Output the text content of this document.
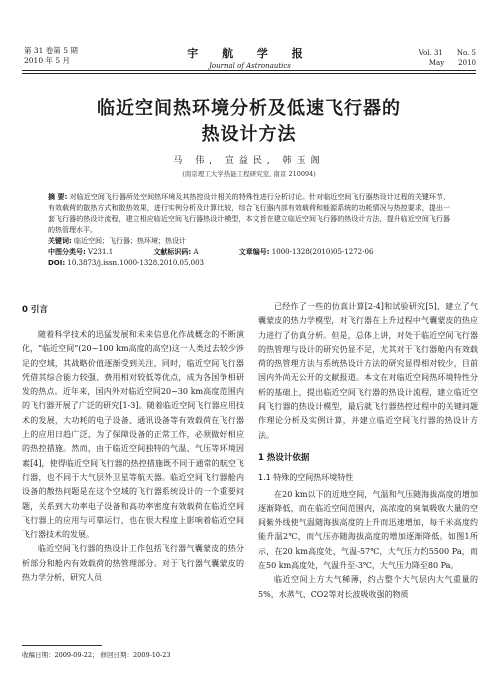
第 31 卷第 5 期
2010 年 5 月
宇 航 学 报
Journal of Astronautics
Vol. 31 No. 5
May 2010
临近空间热环境分析及低速飞行器的
热设计方法
马 伟, 宣益民, 韩玉阁
(南京理工大学热能工程研究室, 南京 210094)
摘 要: 对临近空间飞行器所处空间热环境及其热控设计相关的特殊性进行分析讨论。针对临近空间飞行器热设计过程的关键环节，有效载荷的散热方式和散热效果，进行实例分析及计算比较，综合飞行器内部有效载荷和能源系统的功耗情况与热控要求，提出一套飞行器的热设计流程，建立相应临近空间飞行器热设计模型，本文旨在建立临近空间飞行器的热设计方法，提升临近空间飞行器的热管理水平。
关键词: 临近空间；飞行器；热环境；热设计
中图分类号: V231.1	文献标识码: A	文章编号: 1000-1328(2010)05-1272-06
DOI: 10.3873/j.issn.1000-1328.2010.05.003
0 引言

随着科学技术的迅猛发展和未来信息化作战概念的不断演化，“临近空间”(20~100 km高度的高空)这一人类过去较少涉足的空域，其战略价值逐渐受到关注，同时，临近空间飞行器凭借其综合能力较强、费用相对较低等优点，成为各国争相研发的热点。近年来，国内外对临近空间20~30 km高度范围内的飞行器开展了广泛的研究[1-3]。随着临近空间飞行器应用技术的发展，大功耗的电子设备、通讯设备等有效载荷在飞行器上的应用日趋广泛，为了保障设备的正常工作，必须做好相应的热控措施。然而，由于临近空间独特的气温、气压等环境因素[4]，使得临近空间飞行器的热控措施既不同于通常的航空飞行器，也不同于大气层外卫星等航天器。临近空间飞行器舱内设备的散热问题是在这个空域的飞行器系统设计的一个重要问题，关系到大功率电子设备和高功率密度有效载荷在临近空间飞行器上的应用与可靠运行，也在很大程度上影响着临近空间飞行器技术的发展。

临近空间飞行器的热设计工作包括飞行器气囊蒙皮的热分析部分和舱内有效载荷的热管理部分。对于飞行器气囊蒙皮的热力学分析，研究人员

已经作了一些的仿真计算[2-4]和试验研究[5]，建立了气囊蒙皮的热力学模型，对飞行器在上升过程中气囊蒙皮的热应力进行了仿真分析。但是，总体上讲，对处于临近空间飞行器的热管理与设计的研究仍显不足，尤其对于飞行器舱内有效载荷的热管理方法与系统热设计方法的研究显得相对较少，目前国内外尚无公开的文献报道。本文在对临近空间热环境特性分析的基础上，提出临近空间飞行器的热设计流程，建立临近空间飞行器的热设计模型，最后就飞行器热控过程中的关键问题作理论分析及实例计算，并建立临近空间飞行器的热设计方法。

1 热设计依据
1.1 特殊的空间热环境特性

在20 km以下的近地空间，气温和气压随海拔高度的增加逐渐降低，而在临近空间范围内，高浓度的臭氧吸收大量的空间紫外线使气温随海拔高度的上升而迅速增加，每千米高度约能升温2℃，而气压亦随海拔高度的增加逐渐降低。如图1所示，在20 km高度处，气温-57℃，大气压力约5500 Pa，而在50 km高度处，气温升至-3℃，大气压力降至80 Pa。

临近空间上方大气稀薄，约占整个大气层内大气重量的5%，水蒸气、CO2等对长波吸收强的物质

收稿日期：2009-09-22； 修回日期：2009-10-23
